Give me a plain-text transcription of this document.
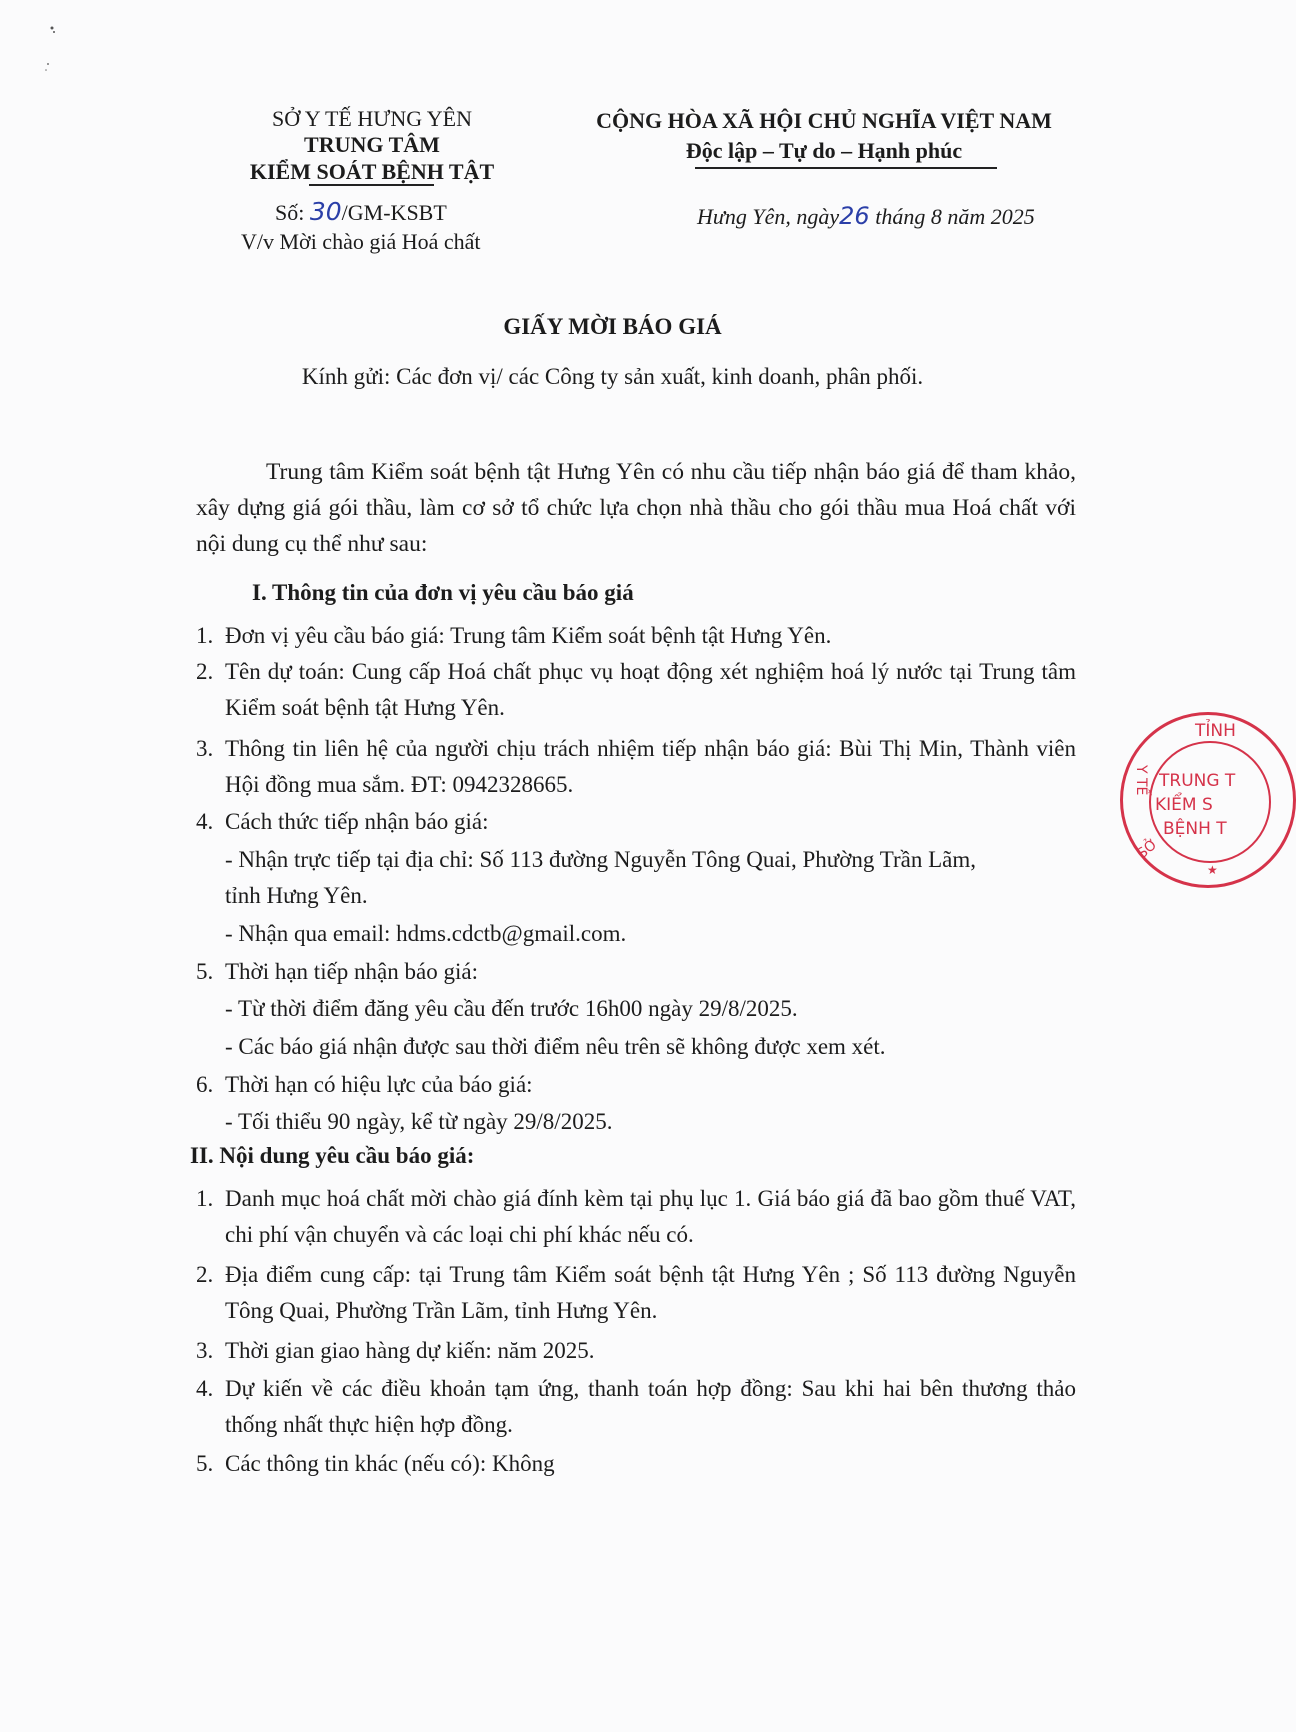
SỞ Y TẾ HƯNG YÊN
TRUNG TÂM
KIỂM SOÁT BỆNH TẬT
Số: 30/GM-KSBT
V/v Mời chào giá Hoá chất
CỘNG HÒA XÃ HỘI CHỦ NGHĨA VIỆT NAM
Độc lập – Tự do – Hạnh phúc
Hưng Yên, ngày26 tháng 8 năm 2025
GIẤY MỜI BÁO GIÁ
Kính gửi: Các đơn vị/ các Công ty sản xuất, kinh doanh, phân phối.
Trung tâm Kiểm soát bệnh tật Hưng Yên có nhu cầu tiếp nhận báo giá để tham khảo, xây dựng giá gói thầu, làm cơ sở tổ chức lựa chọn nhà thầu cho gói thầu mua Hoá chất với nội dung cụ thể như sau:
I. Thông tin của đơn vị yêu cầu báo giá
1. Đơn vị yêu cầu báo giá: Trung tâm Kiểm soát bệnh tật Hưng Yên.
2. Tên dự toán: Cung cấp Hoá chất phục vụ hoạt động xét nghiệm hoá lý nước tại Trung tâm Kiểm soát bệnh tật Hưng Yên.
3. Thông tin liên hệ của người chịu trách nhiệm tiếp nhận báo giá: Bùi Thị Min, Thành viên Hội đồng mua sắm. ĐT: 0942328665.
4. Cách thức tiếp nhận báo giá:
- Nhận trực tiếp tại địa chỉ: Số 113 đường Nguyễn Tông Quai, Phường Trần Lãm,
tỉnh Hưng Yên.
- Nhận qua email: hdms.cdctb@gmail.com.
5. Thời hạn tiếp nhận báo giá:
- Từ thời điểm đăng yêu cầu đến trước 16h00 ngày 29/8/2025.
- Các báo giá nhận được sau thời điểm nêu trên sẽ không được xem xét.
6. Thời hạn có hiệu lực của báo giá:
- Tối thiểu 90 ngày, kể từ ngày 29/8/2025.
II. Nội dung yêu cầu báo giá:
1. Danh mục hoá chất mời chào giá đính kèm tại phụ lục 1. Giá báo giá đã bao gồm thuế VAT, chi phí vận chuyển và các loại chi phí khác nếu có.
2. Địa điểm cung cấp: tại Trung tâm Kiểm soát bệnh tật Hưng Yên ; Số 113 đường Nguyễn Tông Quai, Phường Trần Lãm, tỉnh Hưng Yên.
3. Thời gian giao hàng dự kiến: năm 2025.
4. Dự kiến về các điều khoản tạm ứng, thanh toán hợp đồng: Sau khi hai bên thương thảo thống nhất thực hiện hợp đồng.
5. Các thông tin khác (nếu có): Không
TỈNH
Y TẾ TRUNG T
KIỂM S
BỆNH T
SỞ
★
